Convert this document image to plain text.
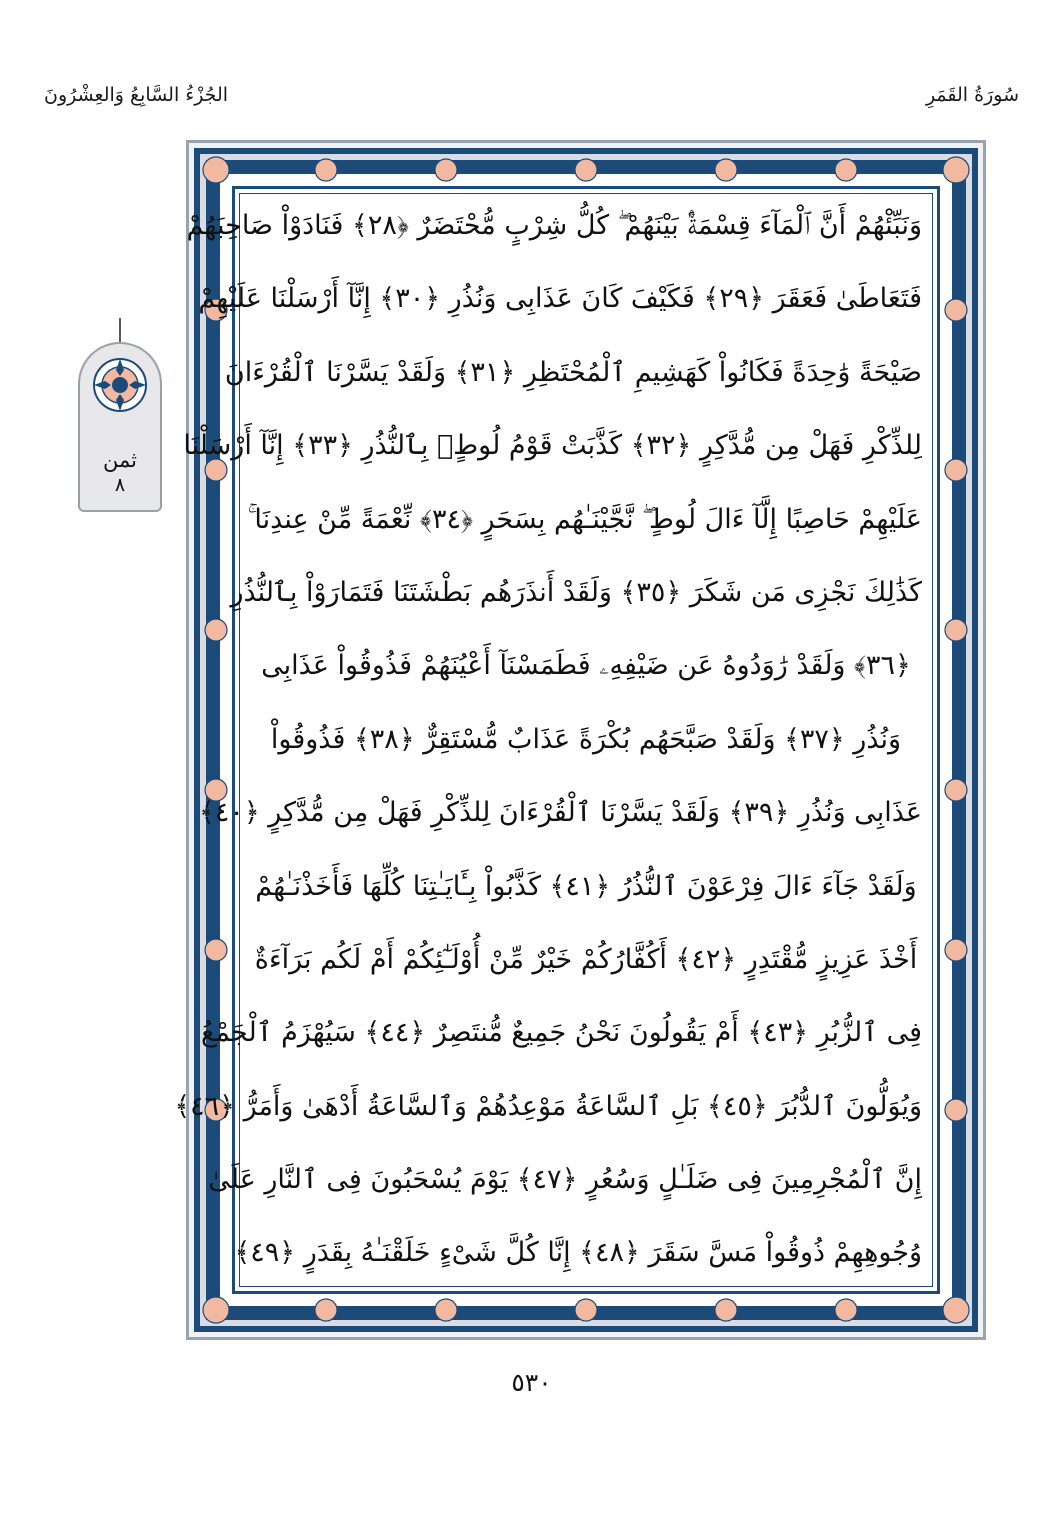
الجُزْءُ السَّابِعُ وَالعِشْرُونَ	سُورَةُ القَمَرِ
ثمن
٨
وَنَبِّئْهُمْ أَنَّ ٱلْمَآءَ قِسْمَةٌۢ بَيْنَهُمْ ۖ كُلُّ شِرْبٍ مُّحْتَضَرٌ ﴿٢٨﴾ فَنَادَوْاْ صَاحِبَهُمْ
فَتَعَاطَىٰ فَعَقَرَ ﴿٢٩﴾ فَكَيْفَ كَانَ عَذَابِى وَنُذُرِ ﴿٣٠﴾ إِنَّآ أَرْسَلْنَا عَلَيْهِمْ
صَيْحَةً وَٰحِدَةً فَكَانُواْ كَهَشِيمِ ٱلْمُحْتَظِرِ ﴿٣١﴾ وَلَقَدْ يَسَّرْنَا ٱلْقُرْءَانَ
لِلذِّكْرِ فَهَلْ مِن مُّدَّكِرٍ ﴿٣٢﴾ كَذَّبَتْ قَوْمُ لُوطٍۭ بِٱلنُّذُرِ ﴿٣٣﴾ إِنَّآ أَرْسَلْنَا
عَلَيْهِمْ حَاصِبًا إِلَّآ ءَالَ لُوطٍ ۖ نَّجَّيْنَـٰهُم بِسَحَرٍ ﴿٣٤﴾ نِّعْمَةً مِّنْ عِندِنَا ۚ
كَذَٰلِكَ نَجْزِى مَن شَكَرَ ﴿٣٥﴾ وَلَقَدْ أَنذَرَهُم بَطْشَتَنَا فَتَمَارَوْاْ بِٱلنُّذُرِ
﴿٣٦﴾ وَلَقَدْ رَٰوَدُوهُ عَن ضَيْفِهِۦ فَطَمَسْنَآ أَعْيُنَهُمْ فَذُوقُواْ عَذَابِى
وَنُذُرِ ﴿٣٧﴾ وَلَقَدْ صَبَّحَهُم بُكْرَةً عَذَابٌ مُّسْتَقِرٌّ ﴿٣٨﴾ فَذُوقُواْ
عَذَابِى وَنُذُرِ ﴿٣٩﴾ وَلَقَدْ يَسَّرْنَا ٱلْقُرْءَانَ لِلذِّكْرِ فَهَلْ مِن مُّدَّكِرٍ ﴿٤٠﴾
وَلَقَدْ جَآءَ ءَالَ فِرْعَوْنَ ٱلنُّذُرُ ﴿٤١﴾ كَذَّبُواْ بِـَٔايَـٰتِنَا كُلِّهَا فَأَخَذْنَـٰهُمْ
أَخْذَ عَزِيزٍ مُّقْتَدِرٍ ﴿٤٢﴾ أَكُفَّارُكُمْ خَيْرٌ مِّنْ أُوْلَـٰٓئِكُمْ أَمْ لَكُم بَرَآءَةٌ
فِى ٱلزُّبُرِ ﴿٤٣﴾ أَمْ يَقُولُونَ نَحْنُ جَمِيعٌ مُّنتَصِرٌ ﴿٤٤﴾ سَيُهْزَمُ ٱلْجَمْعُ
وَيُوَلُّونَ ٱلدُّبُرَ ﴿٤٥﴾ بَلِ ٱلسَّاعَةُ مَوْعِدُهُمْ وَٱلسَّاعَةُ أَدْهَىٰ وَأَمَرُّ ﴿٤٦﴾
إِنَّ ٱلْمُجْرِمِينَ فِى ضَلَـٰلٍ وَسُعُرٍ ﴿٤٧﴾ يَوْمَ يُسْحَبُونَ فِى ٱلنَّارِ عَلَىٰ
وُجُوهِهِمْ ذُوقُواْ مَسَّ سَقَرَ ﴿٤٨﴾ إِنَّا كُلَّ شَىْءٍ خَلَقْنَـٰهُ بِقَدَرٍ ﴿٤٩﴾
٥٣٠
